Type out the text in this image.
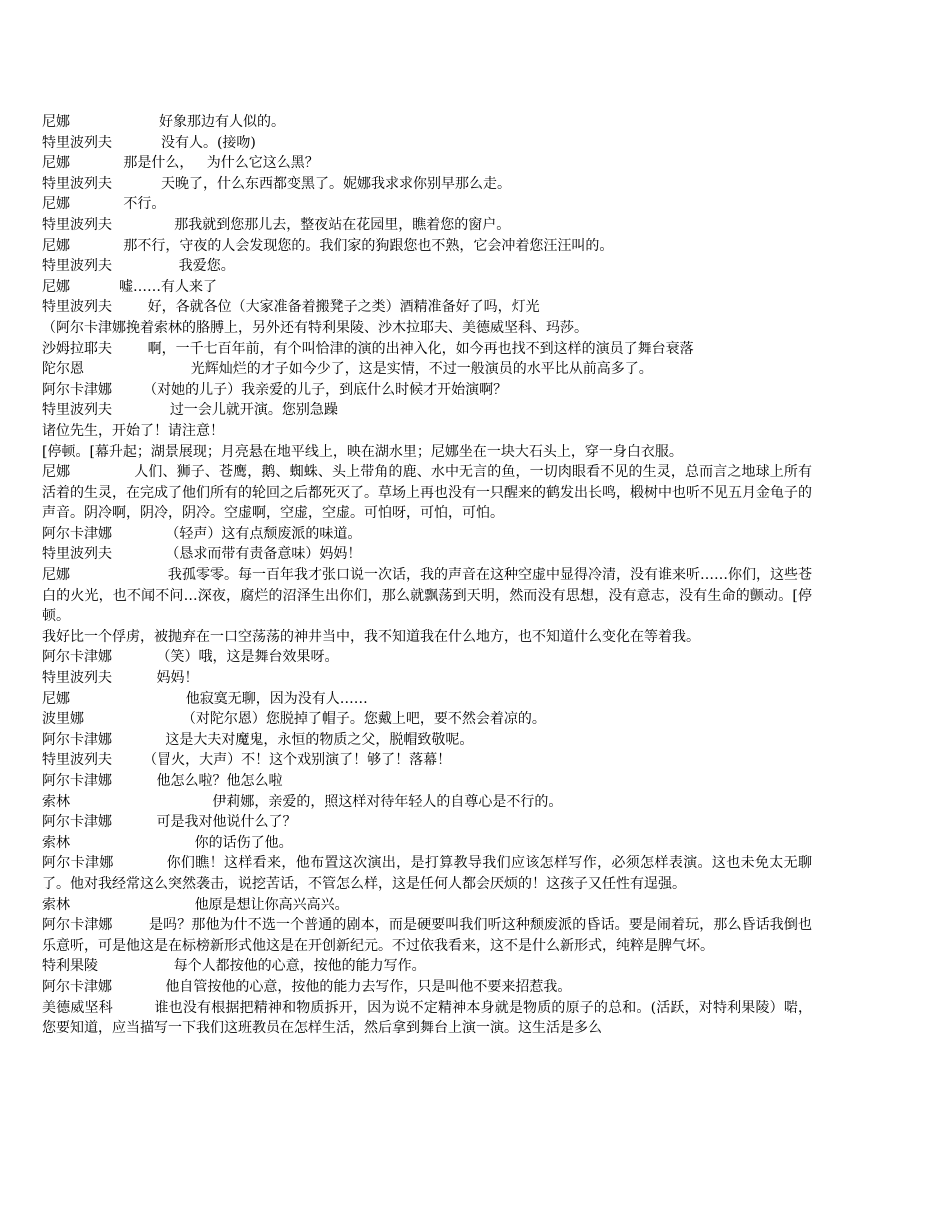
尼娜                    好象那边有人似的。

特里波列夫           没有人。(接吻)

尼娜            那是什么，   为什么它这么黑？

特里波列夫           天晚了，什么东西都变黑了。妮娜我求求你别早那么走。

尼娜            不行。

特里波列夫              那我就到您那儿去，整夜站在花园里，瞧着您的窗户。

尼娜            那不行，守夜的人会发现您的。我们家的狗跟您也不熟，它会冲着您汪汪叫的。

特里波列夫               我爱您。

尼娜           嘘……有人来了

特里波列夫        好，各就各位（大家准备着搬凳子之类）酒精准备好了吗，灯光

（阿尔卡津娜挽着索林的胳膊上，另外还有特利果陵、沙木拉耶夫、美德威坚科、玛莎。

沙姆拉耶夫        啊，一千七百年前，有个叫恰津的演的出神入化，如今再也找不到这样的演员了舞台衰落

陀尔恩                        光辉灿烂的才子如今少了，这是实情，不过一般演员的水平比从前高多了。

阿尔卡津娜       （对她的儿子）我亲爱的儿子，到底什么时候才开始演啊？

特里波列夫             过一会儿就开演。您别急躁

诸位先生，开始了！请注意！

[停顿。[幕升起；湖景展现；月亮悬在地平线上，映在湖水里；尼娜坐在一块大石头上，穿一身白衣服。

尼娜              人们、狮子、苍鹰，鹅、蜘蛛、头上带角的鹿、水中无言的鱼，一切肉眼看不见的生灵，总而言之地球上所有活着的生灵，在完成了他们所有的轮回之后都死灭了。草场上再也没有一只醒来的鹤发出长鸣，椴树中也听不见五月金龟子的声音。阴冷啊，阴冷，阴冷。空虚啊，空虚，空虚。可怕呀，可怕，可怕。

阿尔卡津娜            （轻声）这有点颓废派的味道。

特里波列夫            （恳求而带有责备意味）妈妈！

尼娜                      我孤零零。每一百年我才张口说一次话，我的声音在这种空虚中显得冷清，没有谁来听……你们，这些苍白的火光，也不闻不问…深夜，腐烂的沼泽生出你们，那么就飘荡到天明，然而没有思想，没有意志，没有生命的颤动。[停顿。

我好比一个俘虏，被抛弃在一口空荡荡的神井当中，我不知道我在什么地方，也不知道什么变化在等着我。

阿尔卡津娜          （笑）哦，这是舞台效果呀。

特里波列夫          妈妈！

尼娜                          他寂寞无聊，因为没有人……

波里娜                      （对陀尔恩）您脱掉了帽子。您戴上吧，要不然会着凉的。

阿尔卡津娜            这是大夫对魔鬼，永恒的物质之父，脱帽致敬呢。

特里波列夫       （冒火，大声）不！这个戏别演了！够了！落幕！

阿尔卡津娜          他怎么啦？他怎么啦

索林                                伊莉娜，亲爱的，照这样对待年轻人的自尊心是不行的。

阿尔卡津娜          可是我对他说什么了？

索林                            你的话伤了他。

阿尔卡津娜           你们瞧！这样看来，他布置这次演出，是打算教导我们应该怎样写作，必须怎样表演。这也未免太无聊了。他对我经常这么突然袭击，说挖苦话，不管怎么样，这是任何人都会厌烦的！这孩子又任性有逞强。

索林                            他原是想让你高兴高兴。

阿尔卡津娜        是吗？那他为什不选一个普通的剧本，而是硬要叫我们听这种颓废派的昏话。要是闹着玩，那么昏话我倒也乐意听，可是他这是在标榜新形式他这是在开创新纪元。不过依我看来，这不是什么新形式，纯粹是脾气坏。

特利果陵                 每个人都按他的心意，按他的能力写作。

阿尔卡津娜            他自管按他的心意，按他的能力去写作，只是叫他不要来招惹我。

美德威坚科         谁也没有根据把精神和物质拆开，因为说不定精神本身就是物质的原子的总和。(活跃，对特利果陵）啱，您要知道，应当描写一下我们这班教员在怎样生活，然后拿到舞台上演一演。这生活是多么
